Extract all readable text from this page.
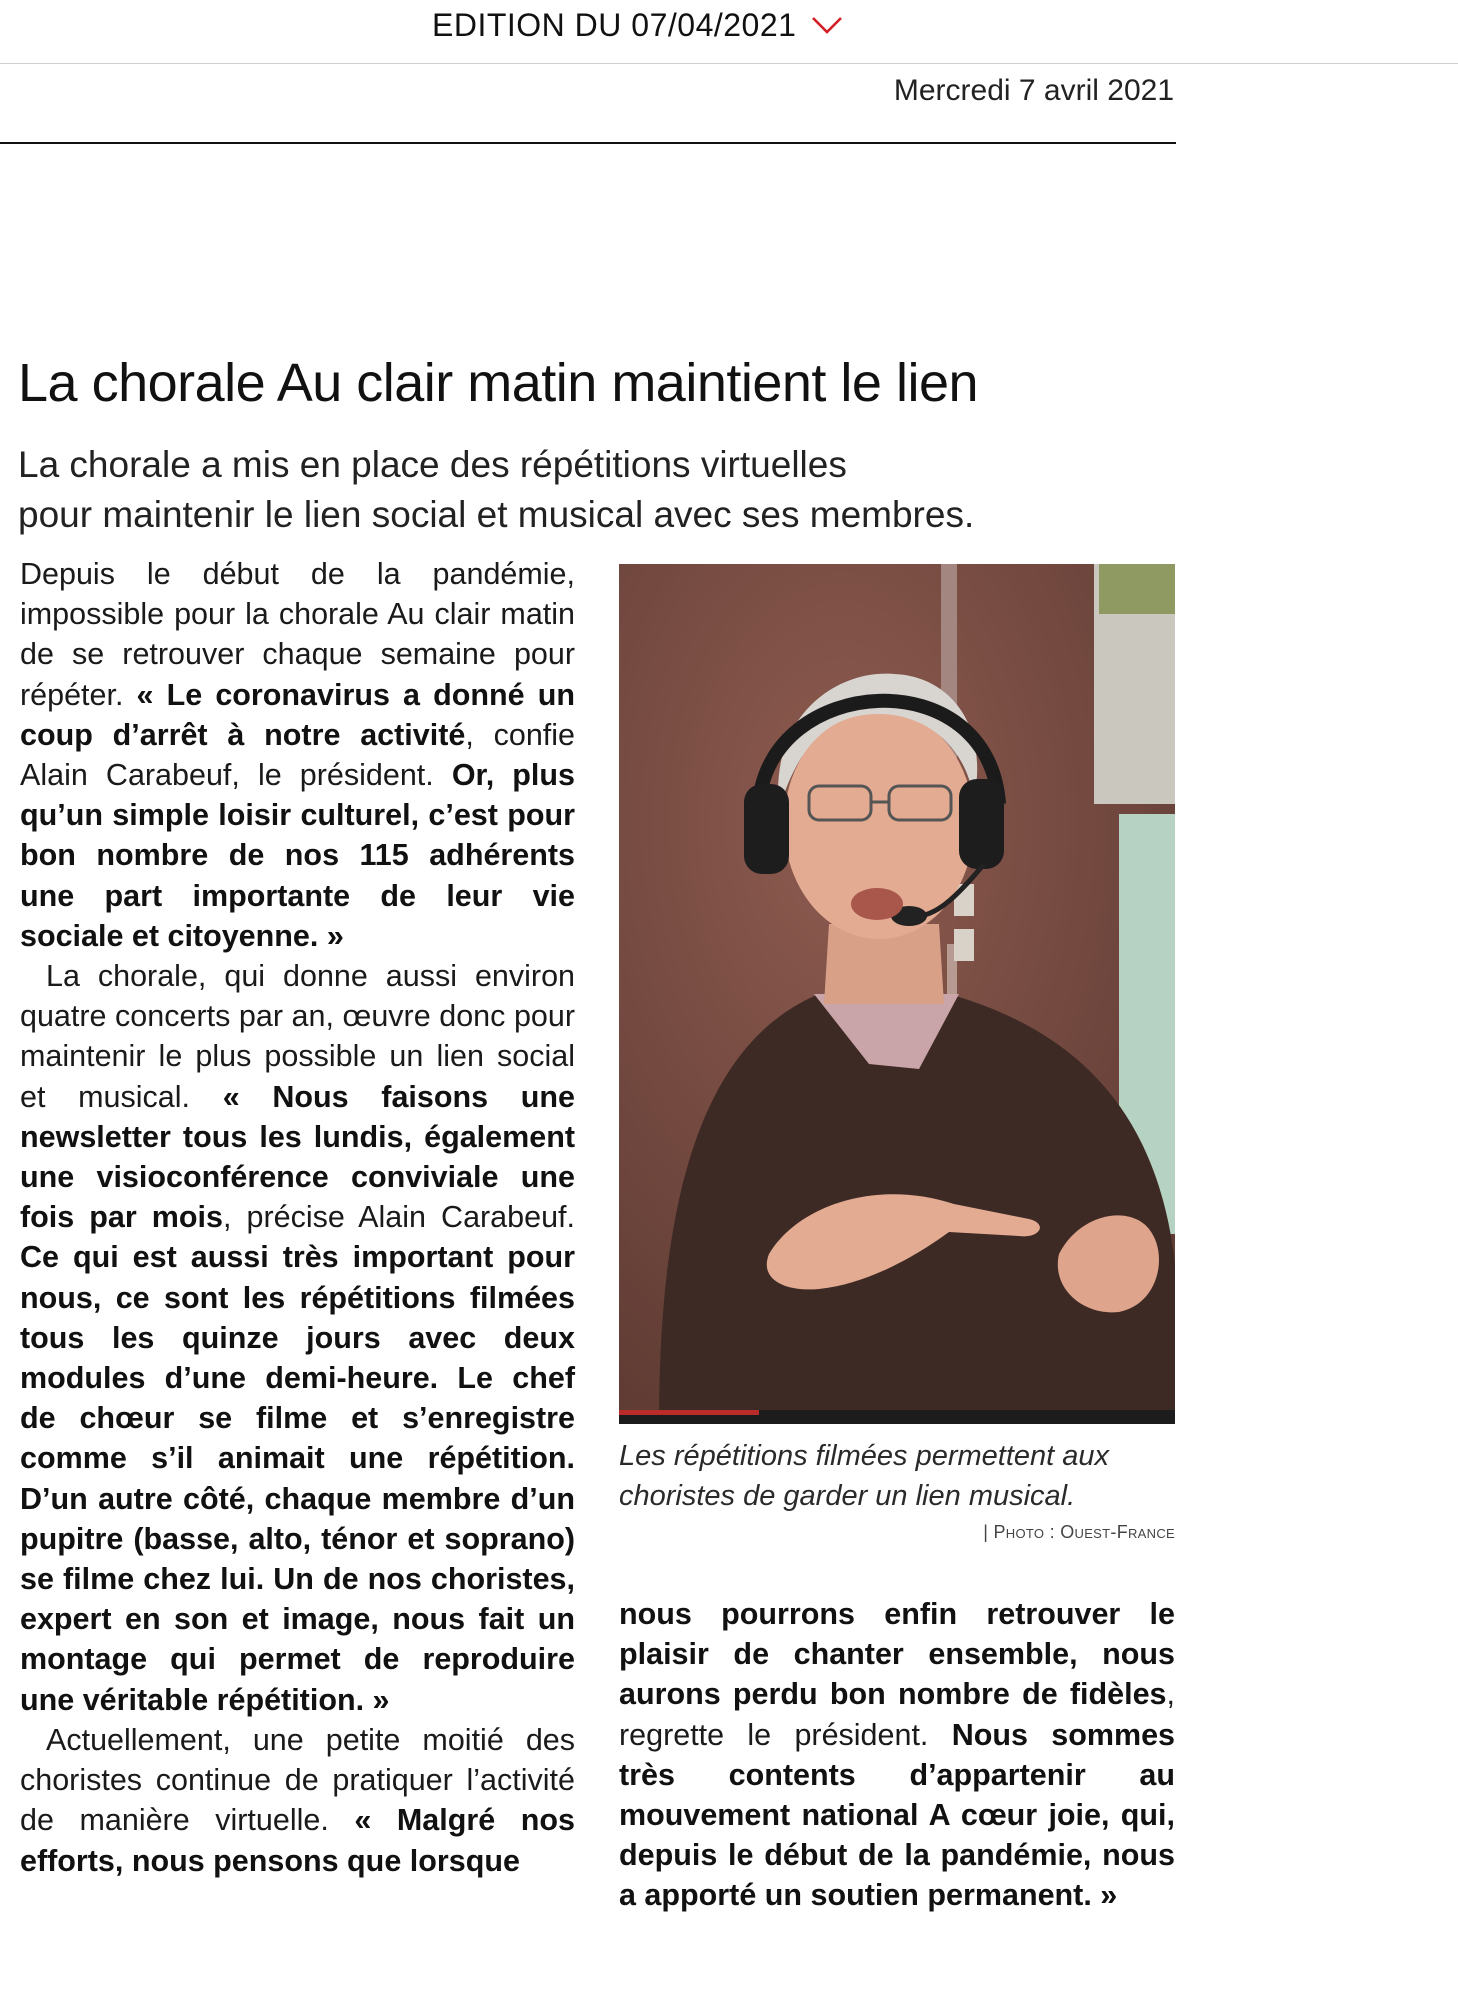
EDITION DU 07/04/2021
Mercredi 7 avril 2021
La chorale Au clair matin maintient le lien
La chorale a mis en place des répétitions virtuelles
pour maintenir le lien social et musical avec ses membres.

Depuis le début de la pandémie, impossible pour la chorale Au clair matin de se retrouver chaque semaine pour répéter. « Le coronavirus a donné un coup d’arrêt à notre activité, confie Alain Carabeuf, le président. Or, plus qu’un simple loisir culturel, c’est pour bon nombre de nos 115 adhérents une part importante de leur vie sociale et citoyenne. »

La chorale, qui donne aussi environ quatre concerts par an, œuvre donc pour maintenir le plus possible un lien social et musical. « Nous faisons une newsletter tous les lundis, également une visioconférence conviviale une fois par mois, précise Alain Carabeuf. Ce qui est aussi très important pour nous, ce sont les répétitions filmées tous les quinze jours avec deux modules d’une demi-heure. Le chef de chœur se filme et s’enregistre comme s’il animait une répétition. D’un autre côté, chaque membre d’un pupitre (basse, alto, ténor et soprano) se filme chez lui. Un de nos choristes, expert en son et image, nous fait un montage qui permet de reproduire une véritable répétition. »

Actuellement, une petite moitié des choristes continue de pratiquer l’activité de manière virtuelle. « Malgré nos efforts, nous pensons que lorsque

Les répétitions filmées permettent aux choristes de garder un lien musical.

| Photo : Ouest-France

nous pourrons enfin retrouver le plaisir de chanter ensemble, nous aurons perdu bon nombre de fidèles, regrette le président. Nous sommes très contents d’appartenir au mouvement national A cœur joie, qui, depuis le début de la pandémie, nous a apporté un soutien permanent. »
